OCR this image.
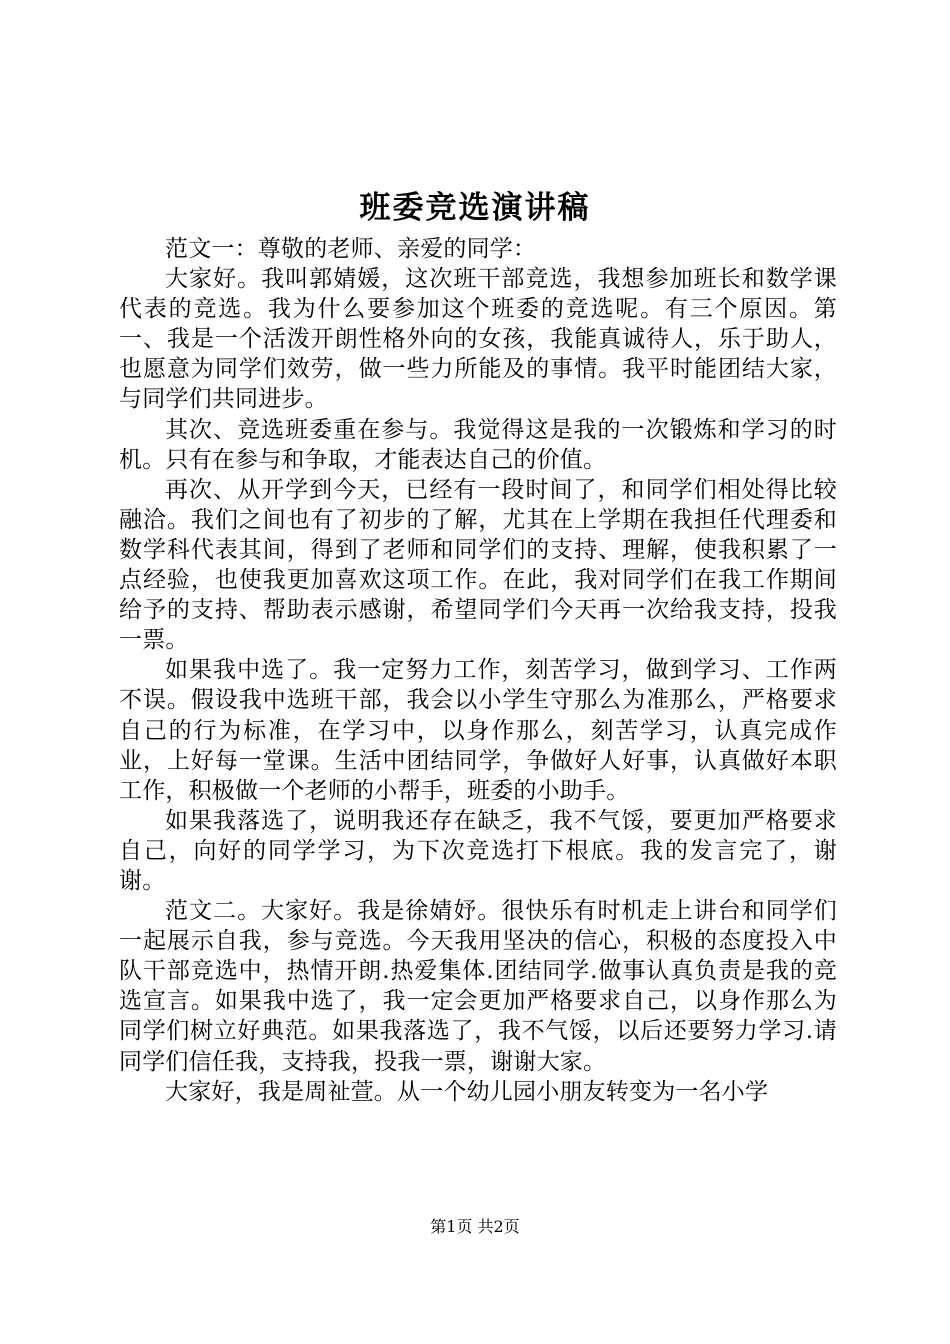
班委竞选演讲稿

范文一：尊敬的老师、亲爱的同学：

大家好。我叫郭婧媛，这次班干部竞选，我想参加班长和数学课代表的竞选。我为什么要参加这个班委的竞选呢。有三个原因。第一、我是一个活泼开朗性格外向的女孩，我能真诚待人，乐于助人，也愿意为同学们效劳，做一些力所能及的事情。我平时能团结大家，与同学们共同进步。

其次、竞选班委重在参与。我觉得这是我的一次锻炼和学习的时机。只有在参与和争取，才能表达自己的价值。

再次、从开学到今天，已经有一段时间了，和同学们相处得比较融洽。我们之间也有了初步的了解，尤其在上学期在我担任代理委和数学科代表其间，得到了老师和同学们的支持、理解，使我积累了一点经验，也使我更加喜欢这项工作。在此，我对同学们在我工作期间给予的支持、帮助表示感谢，希望同学们今天再一次给我支持，投我一票。

如果我中选了。我一定努力工作，刻苦学习，做到学习、工作两不误。假设我中选班干部，我会以小学生守那么为准那么，严格要求自己的行为标准，在学习中，以身作那么，刻苦学习，认真完成作业，上好每一堂课。生活中团结同学，争做好人好事，认真做好本职工作，积极做一个老师的小帮手，班委的小助手。

如果我落选了，说明我还存在缺乏，我不气馁，要更加严格要求自己，向好的同学学习，为下次竞选打下根底。我的发言完了，谢谢。

范文二。大家好。我是徐婧妤。很快乐有时机走上讲台和同学们一起展示自我，参与竞选。今天我用坚决的信心，积极的态度投入中队干部竞选中，热情开朗.热爱集体.团结同学.做事认真负责是我的竞选宣言。如果我中选了，我一定会更加严格要求自己，以身作那么为同学们树立好典范。如果我落选了，我不气馁，以后还要努力学习.请同学们信任我，支持我，投我一票，谢谢大家。

大家好，我是周祉萱。从一个幼儿园小朋友转变为一名小学

第1页 共2页
